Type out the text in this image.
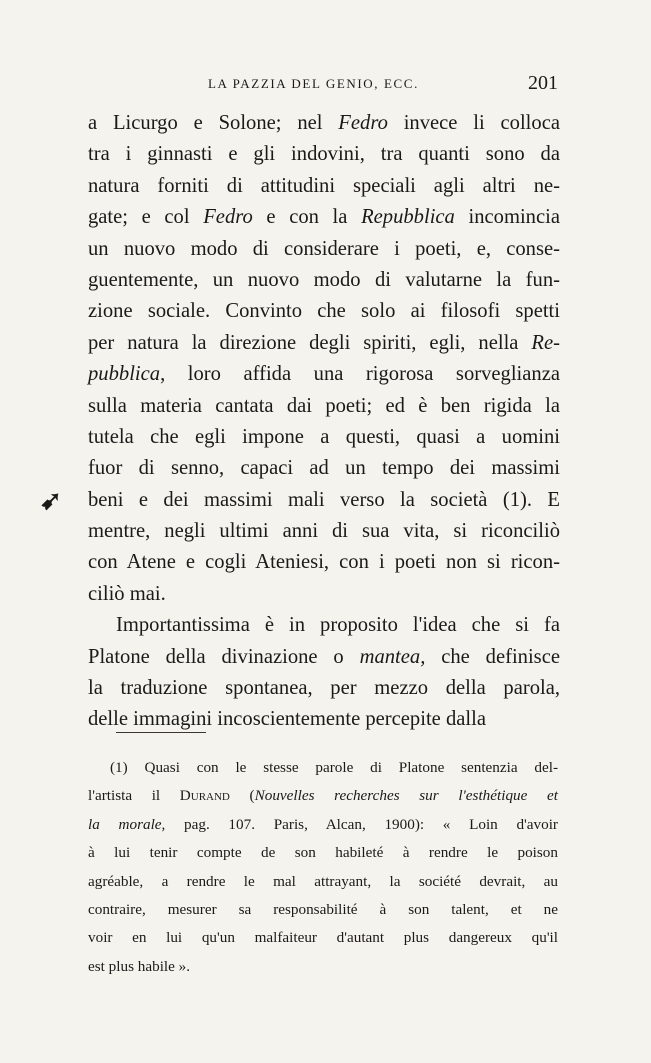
LA PAZZIA DEL GENIO, ECC.	201
➹
a Licurgo e Solone; nel Fedro invece li colloca
tra i ginnasti e gli indovini, tra quanti sono da
natura forniti di attitudini speciali agli altri ne-
gate; e col Fedro e con la Repubblica incomincia
un nuovo modo di considerare i poeti, e, conse-
guentemente, un nuovo modo di valutarne la fun-
zione sociale. Convinto che solo ai filosofi spetti
per natura la direzione degli spiriti, egli, nella Re-
pubblica, loro affida una rigorosa sorveglianza
sulla materia cantata dai poeti; ed è ben rigida la
tutela che egli impone a questi, quasi a uomini
fuor di senno, capaci ad un tempo dei massimi
beni e dei massimi mali verso la società (1). E
mentre, negli ultimi anni di sua vita, si riconciliò
con Atene e cogli Ateniesi, con i poeti non si ricon-
ciliò mai.
Importantissima è in proposito l'idea che si fa
Platone della divinazione o mantea, che definisce
la traduzione spontanea, per mezzo della parola,
delle immagini incoscientemente percepite dalla
(1) Quasi con le stesse parole di Platone sentenzia del-
l'artista il Durand (Nouvelles recherches sur l'esthétique et
la morale, pag. 107. Paris, Alcan, 1900): « Loin d'avoir
à lui tenir compte de son habileté à rendre le poison
agréable, a rendre le mal attrayant, la société devrait, au
contraire, mesurer sa responsabilité à son talent, et ne
voir en lui qu'un malfaiteur d'autant plus dangereux qu'il
est plus habile ».
